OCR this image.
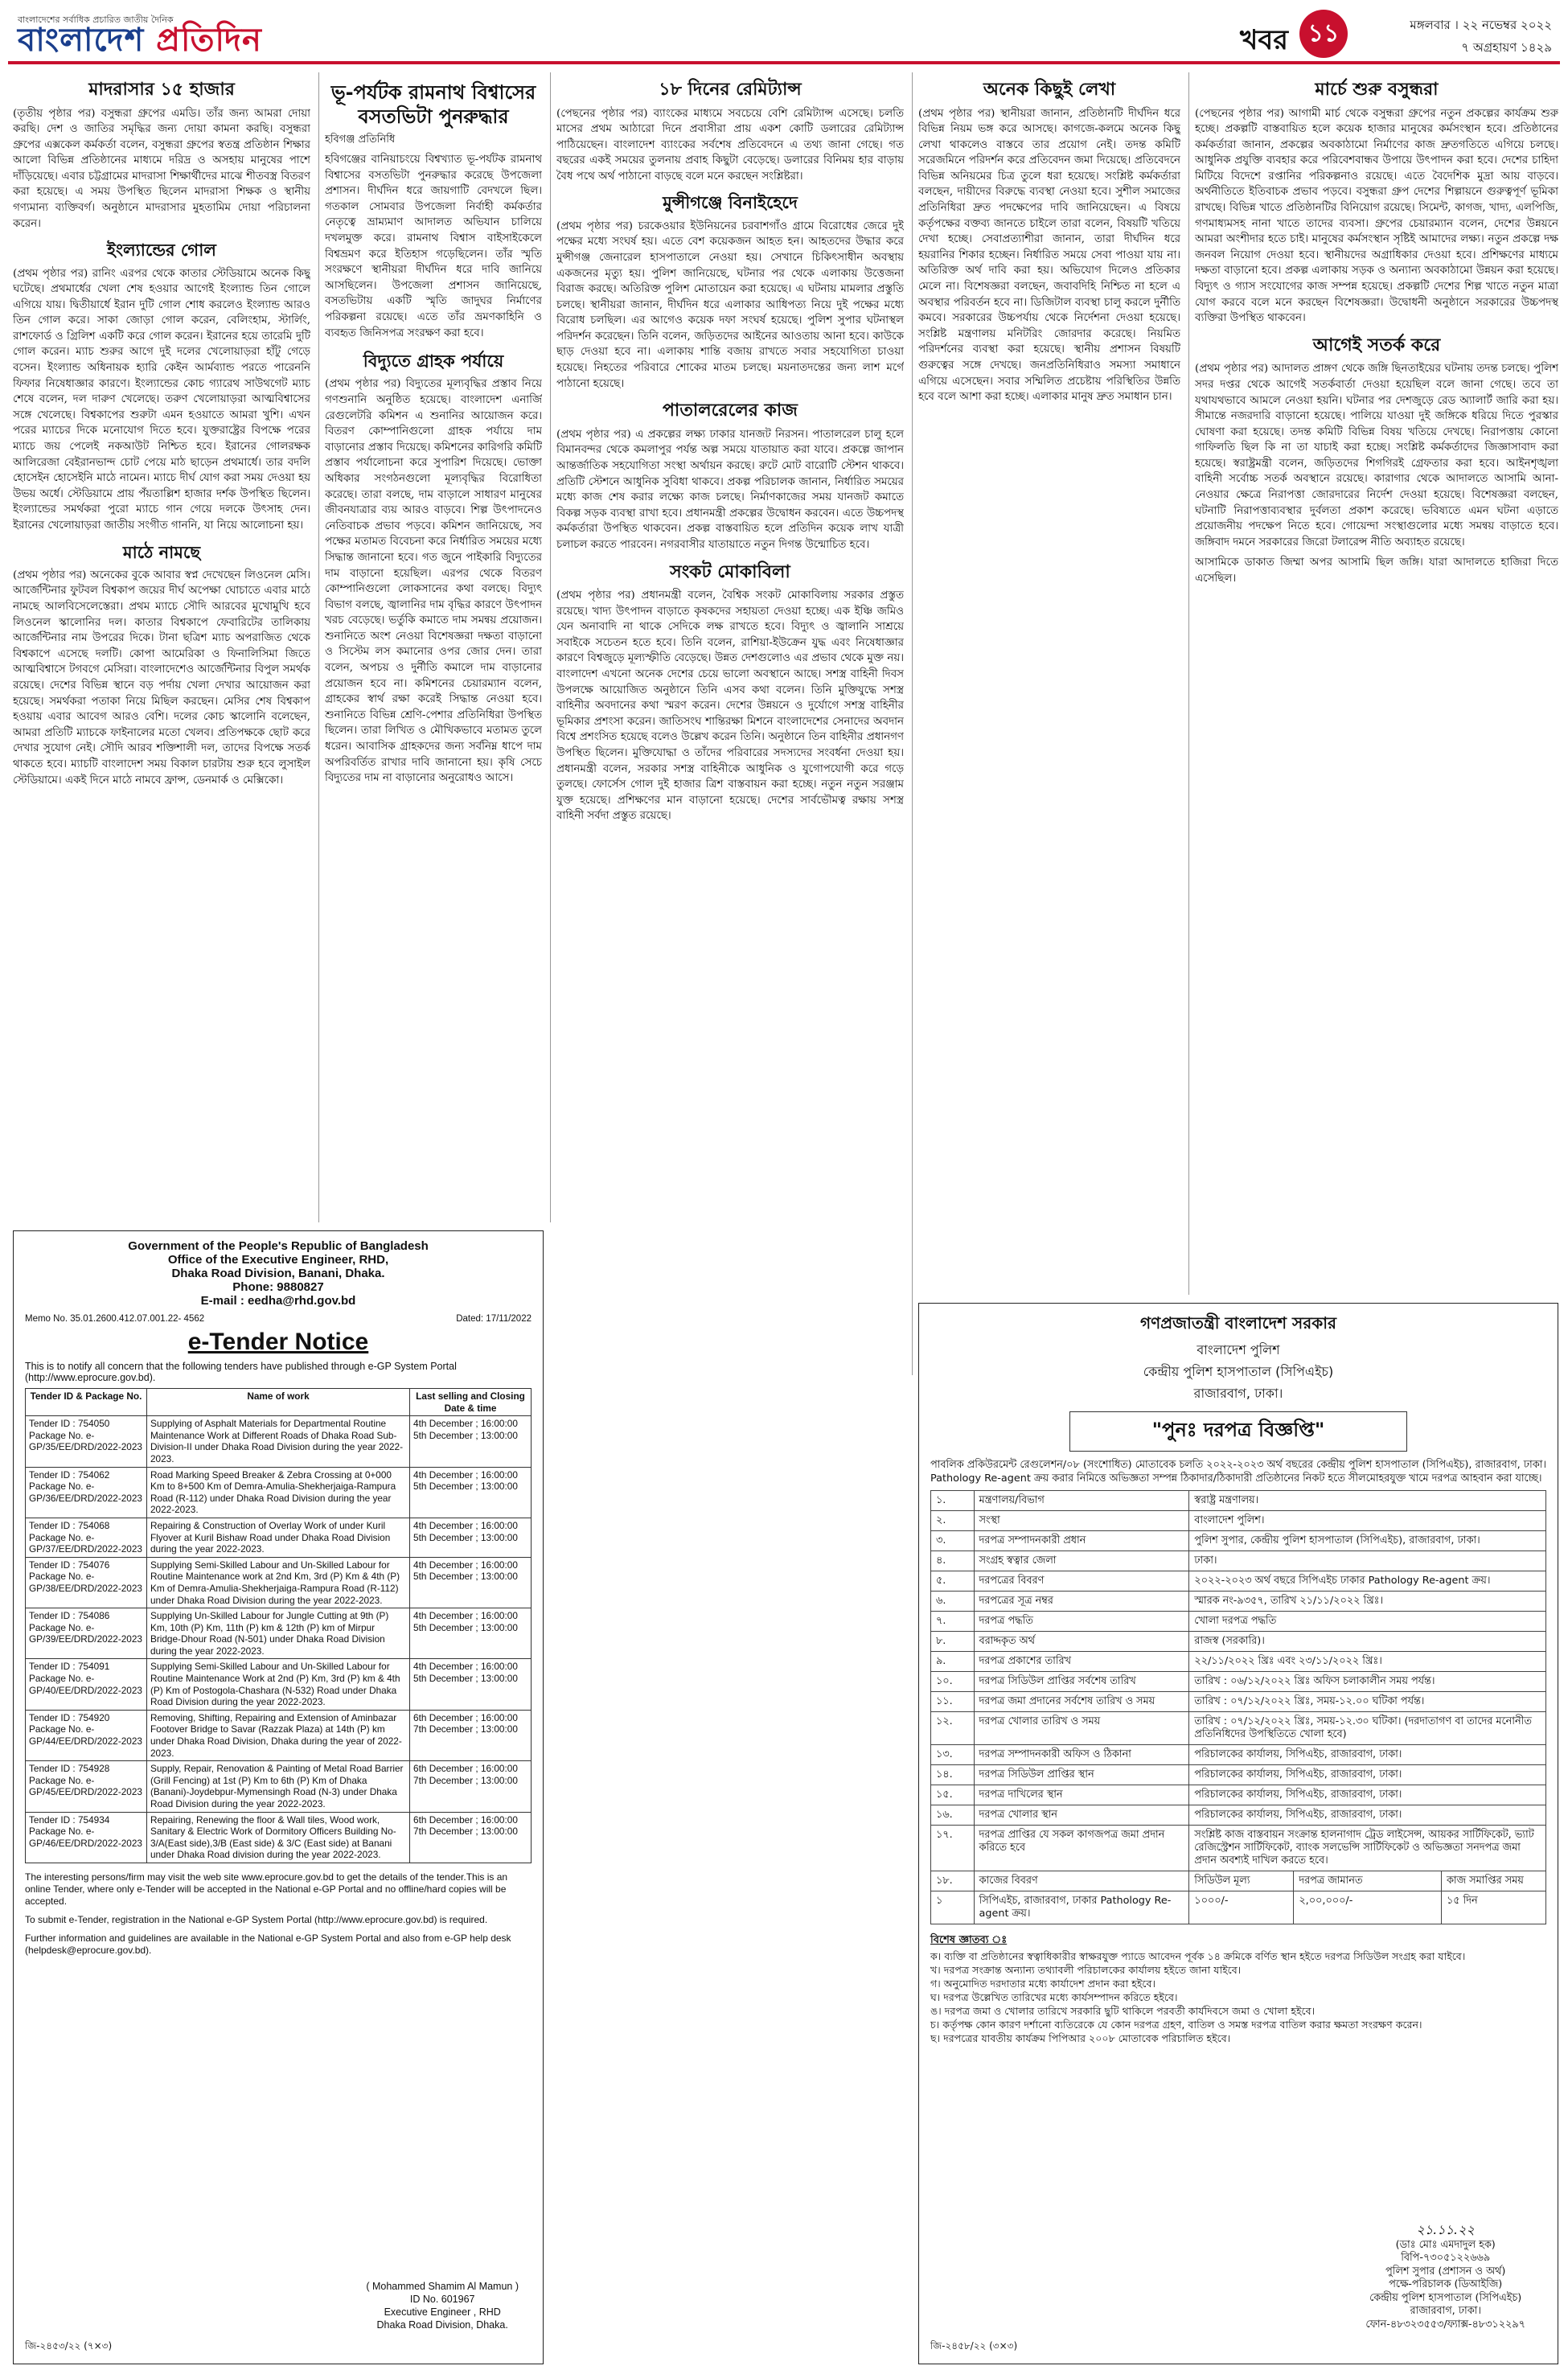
বাংলাদেশের সর্বাধিক প্রচারিত জাতীয় দৈনিক
বাংলাদেশ প্রতিদিন	খবর ১১	মঙ্গলবার । ২২ নভেম্বর ২০২২
৭ অগ্রহায়ণ ১৪২৯
মাদরাসার ১৫ হাজার
(তৃতীয় পৃষ্ঠার পর) বসুন্ধরা গ্রুপের এমডি। তাঁর জন্য আমরা দোয়া করছি। দেশ ও জাতির সমৃদ্ধির জন্য দোয়া কামনা করছি। বসুন্ধরা গ্রুপের এক্সকেল কর্মকর্তা বলেন, বসুন্ধরা গ্রুপের স্বতন্ত্র প্রতিষ্ঠান শিক্ষার আলো বিভিন্ন প্রতিষ্ঠানের মাধ্যমে দরিদ্র ও অসহায় মানুষের পাশে দাঁড়িয়েছে। এবার চট্টগ্রামের মাদরাসা শিক্ষার্থীদের মাঝে শীতবস্ত্র বিতরণ করা হয়েছে। এ সময় উপস্থিত ছিলেন মাদরাসা শিক্ষক ও স্থানীয় গণ্যমান্য ব্যক্তিবর্গ। অনুষ্ঠানে মাদরাসার মুহতামিম দোয়া পরিচালনা করেন।
ইংল্যান্ডের গোল
(প্রথম পৃষ্ঠার পর) রানিং এরপর থেকে কাতার স্টেডিয়ামে অনেক কিছু ঘটেছে। প্রথমার্ধের খেলা শেষ হওয়ার আগেই ইংল্যান্ড তিন গোলে এগিয়ে যায়। দ্বিতীয়ার্ধে ইরান দুটি গোল শোধ করলেও ইংল্যান্ড আরও তিন গোল করে। সাকা জোড়া গোল করেন, বেলিংহাম, স্টার্লিং, রাশফোর্ড ও গ্রিলিশ একটি করে গোল করেন। ইরানের হয়ে তারেমি দুটি গোল করেন। ম্যাচ শুরুর আগে দুই দলের খেলোয়াড়রা হাঁটু গেড়ে বসেন। ইংল্যান্ড অধিনায়ক হ্যারি কেইন আর্মব্যান্ড পরতে পারেননি ফিফার নিষেধাজ্ঞার কারণে। ইংল্যান্ডের কোচ গ্যারেথ সাউথগেট ম্যাচ শেষে বলেন, দল দারুণ খেলেছে। তরুণ খেলোয়াড়রা আত্মবিশ্বাসের সঙ্গে খেলেছে। বিশ্বকাপের শুরুটা এমন হওয়াতে আমরা খুশি। এখন পরের ম্যাচের দিকে মনোযোগ দিতে হবে। যুক্তরাষ্ট্রের বিপক্ষে পরের ম্যাচে জয় পেলেই নকআউট নিশ্চিত হবে। ইরানের গোলরক্ষক আলিরেজা বেইরানভান্দ চোট পেয়ে মাঠ ছাড়েন প্রথমার্ধে। তার বদলি হোসেইন হোসেইনি মাঠে নামেন। ম্যাচে দীর্ঘ যোগ করা সময় দেওয়া হয় উভয় অর্ধে। স্টেডিয়ামে প্রায় পঁয়তাল্লিশ হাজার দর্শক উপস্থিত ছিলেন। ইংল্যান্ডের সমর্থকরা পুরো ম্যাচে গান গেয়ে দলকে উৎসাহ দেন। ইরানের খেলোয়াড়রা জাতীয় সংগীত গাননি, যা নিয়ে আলোচনা হয়।
মাঠে নামছে
(প্রথম পৃষ্ঠার পর) অনেকের বুকে আবার স্বপ্ন দেখেছেন লিওনেল মেসি। আর্জেন্টিনার ফুটবল বিশ্বকাপ জয়ের দীর্ঘ অপেক্ষা ঘোচাতে এবার মাঠে নামছে আলবিসেলেস্তেরা। প্রথম ম্যাচে সৌদি আরবের মুখোমুখি হবে লিওনেল স্কালোনির দল। কাতার বিশ্বকাপে ফেবারিটের তালিকায় আর্জেন্টিনার নাম উপরের দিকে। টানা ছত্রিশ ম্যাচ অপরাজিত থেকে বিশ্বকাপে এসেছে দলটি। কোপা আমেরিকা ও ফিনালিসিমা জিতে আত্মবিশ্বাসে টগবগে মেসিরা। বাংলাদেশেও আর্জেন্টিনার বিপুল সমর্থক রয়েছে। দেশের বিভিন্ন স্থানে বড় পর্দায় খেলা দেখার আয়োজন করা হয়েছে। সমর্থকরা পতাকা নিয়ে মিছিল করছেন। মেসির শেষ বিশ্বকাপ হওয়ায় এবার আবেগ আরও বেশি। দলের কোচ স্কালোনি বলেছেন, আমরা প্রতিটি ম্যাচকে ফাইনালের মতো খেলব। প্রতিপক্ষকে ছোট করে দেখার সুযোগ নেই। সৌদি আরব শক্তিশালী দল, তাদের বিপক্ষে সতর্ক থাকতে হবে। ম্যাচটি বাংলাদেশ সময় বিকাল চারটায় শুরু হবে লুসাইল স্টেডিয়ামে। একই দিনে মাঠে নামবে ফ্রান্স, ডেনমার্ক ও মেক্সিকো।
ভূ-পর্যটক রামনাথ বিশ্বাসের বসতভিটা পুনরুদ্ধার
হবিগঞ্জ প্রতিনিধি
হবিগঞ্জের বানিয়াচংয়ে বিশ্বখ্যাত ভূ-পর্যটক রামনাথ বিশ্বাসের বসতভিটা পুনরুদ্ধার করেছে উপজেলা প্রশাসন। দীর্ঘদিন ধরে জায়গাটি বেদখলে ছিল। গতকাল সোমবার উপজেলা নির্বাহী কর্মকর্তার নেতৃত্বে ভ্রাম্যমাণ আদালত অভিযান চালিয়ে দখলমুক্ত করে। রামনাথ বিশ্বাস বাইসাইকেলে বিশ্বভ্রমণ করে ইতিহাস গড়েছিলেন। তাঁর স্মৃতি সংরক্ষণে স্থানীয়রা দীর্ঘদিন ধরে দাবি জানিয়ে আসছিলেন। উপজেলা প্রশাসন জানিয়েছে, বসতভিটায় একটি স্মৃতি জাদুঘর নির্মাণের পরিকল্পনা রয়েছে। এতে তাঁর ভ্রমণকাহিনি ও ব্যবহৃত জিনিসপত্র সংরক্ষণ করা হবে।
বিদ্যুতে গ্রাহক পর্যায়ে
(প্রথম পৃষ্ঠার পর) বিদ্যুতের মূল্যবৃদ্ধির প্রস্তাব নিয়ে গণশুনানি অনুষ্ঠিত হয়েছে। বাংলাদেশ এনার্জি রেগুলেটরি কমিশন এ শুনানির আয়োজন করে। বিতরণ কোম্পানিগুলো গ্রাহক পর্যায়ে দাম বাড়ানোর প্রস্তাব দিয়েছে। কমিশনের কারিগরি কমিটি প্রস্তাব পর্যালোচনা করে সুপারিশ দিয়েছে। ভোক্তা অধিকার সংগঠনগুলো মূল্যবৃদ্ধির বিরোধিতা করেছে। তারা বলছে, দাম বাড়ালে সাধারণ মানুষের জীবনযাত্রার ব্যয় আরও বাড়বে। শিল্প উৎপাদনেও নেতিবাচক প্রভাব পড়বে। কমিশন জানিয়েছে, সব পক্ষের মতামত বিবেচনা করে নির্ধারিত সময়ের মধ্যে সিদ্ধান্ত জানানো হবে। গত জুনে পাইকারি বিদ্যুতের দাম বাড়ানো হয়েছিল। এরপর থেকে বিতরণ কোম্পানিগুলো লোকসানের কথা বলছে। বিদ্যুৎ বিভাগ বলছে, জ্বালানির দাম বৃদ্ধির কারণে উৎপাদন খরচ বেড়েছে। ভর্তুকি কমাতে দাম সমন্বয় প্রয়োজন। শুনানিতে অংশ নেওয়া বিশেষজ্ঞরা দক্ষতা বাড়ানো ও সিস্টেম লস কমানোর ওপর জোর দেন। তারা বলেন, অপচয় ও দুর্নীতি কমালে দাম বাড়ানোর প্রয়োজন হবে না। কমিশনের চেয়ারম্যান বলেন, গ্রাহকের স্বার্থ রক্ষা করেই সিদ্ধান্ত নেওয়া হবে। শুনানিতে বিভিন্ন শ্রেণি-পেশার প্রতিনিধিরা উপস্থিত ছিলেন। তারা লিখিত ও মৌখিকভাবে মতামত তুলে ধরেন। আবাসিক গ্রাহকদের জন্য সর্বনিম্ন ধাপে দাম অপরিবর্তিত রাখার দাবি জানানো হয়। কৃষি সেচে বিদ্যুতের দাম না বাড়ানোর অনুরোধও আসে।
১৮ দিনের রেমিট্যান্স
(পেছনের পৃষ্ঠার পর) ব্যাংকের মাধ্যমে সবচেয়ে বেশি রেমিট্যান্স এসেছে। চলতি মাসের প্রথম আঠারো দিনে প্রবাসীরা প্রায় একশ কোটি ডলারের রেমিট্যান্স পাঠিয়েছেন। বাংলাদেশ ব্যাংকের সর্বশেষ প্রতিবেদনে এ তথ্য জানা গেছে। গত বছরের একই সময়ের তুলনায় প্রবাহ কিছুটা বেড়েছে। ডলারের বিনিময় হার বাড়ায় বৈধ পথে অর্থ পাঠানো বাড়ছে বলে মনে করছেন সংশ্লিষ্টরা।
মুন্সীগঞ্জে বিনাইহেদে
(প্রথম পৃষ্ঠার পর) চরকেওয়ার ইউনিয়নের চরবাশগাঁও গ্রামে বিরোধের জেরে দুই পক্ষের মধ্যে সংঘর্ষ হয়। এতে বেশ কয়েকজন আহত হন। আহতদের উদ্ধার করে মুন্সীগঞ্জ জেনারেল হাসপাতালে নেওয়া হয়। সেখানে চিকিৎসাধীন অবস্থায় একজনের মৃত্যু হয়। পুলিশ জানিয়েছে, ঘটনার পর থেকে এলাকায় উত্তেজনা বিরাজ করছে। অতিরিক্ত পুলিশ মোতায়েন করা হয়েছে। এ ঘটনায় মামলার প্রস্তুতি চলছে। স্থানীয়রা জানান, দীর্ঘদিন ধরে এলাকার আধিপত্য নিয়ে দুই পক্ষের মধ্যে বিরোধ চলছিল। এর আগেও কয়েক দফা সংঘর্ষ হয়েছে। পুলিশ সুপার ঘটনাস্থল পরিদর্শন করেছেন। তিনি বলেন, জড়িতদের আইনের আওতায় আনা হবে। কাউকে ছাড় দেওয়া হবে না। এলাকায় শান্তি বজায় রাখতে সবার সহযোগিতা চাওয়া হয়েছে। নিহতের পরিবারে শোকের মাতম চলছে। ময়নাতদন্তের জন্য লাশ মর্গে পাঠানো হয়েছে।
পাতালরেলের কাজ
(প্রথম পৃষ্ঠার পর) এ প্রকল্পের লক্ষ্য ঢাকার যানজট নিরসন। পাতালরেল চালু হলে বিমানবন্দর থেকে কমলাপুর পর্যন্ত অল্প সময়ে যাতায়াত করা যাবে। প্রকল্পে জাপান আন্তর্জাতিক সহযোগিতা সংস্থা অর্থায়ন করছে। রুটে মোট বারোটি স্টেশন থাকবে। প্রতিটি স্টেশনে আধুনিক সুবিধা থাকবে। প্রকল্প পরিচালক জানান, নির্ধারিত সময়ের মধ্যে কাজ শেষ করার লক্ষ্যে কাজ চলছে। নির্মাণকাজের সময় যানজট কমাতে বিকল্প সড়ক ব্যবস্থা রাখা হবে। প্রধানমন্ত্রী প্রকল্পের উদ্বোধন করবেন। এতে উচ্চপদস্থ কর্মকর্তারা উপস্থিত থাকবেন। প্রকল্প বাস্তবায়িত হলে প্রতিদিন কয়েক লাখ যাত্রী চলাচল করতে পারবেন। নগরবাসীর যাতায়াতে নতুন দিগন্ত উন্মোচিত হবে।
সংকট মোকাবিলা
(প্রথম পৃষ্ঠার পর) প্রধানমন্ত্রী বলেন, বৈশ্বিক সংকট মোকাবিলায় সরকার প্রস্তুত রয়েছে। খাদ্য উৎপাদন বাড়াতে কৃষকদের সহায়তা দেওয়া হচ্ছে। এক ইঞ্চি জমিও যেন অনাবাদি না থাকে সেদিকে লক্ষ রাখতে হবে। বিদ্যুৎ ও জ্বালানি সাশ্রয়ে সবাইকে সচেতন হতে হবে। তিনি বলেন, রাশিয়া-ইউক্রেন যুদ্ধ এবং নিষেধাজ্ঞার কারণে বিশ্বজুড়ে মূল্যস্ফীতি বেড়েছে। উন্নত দেশগুলোও এর প্রভাব থেকে মুক্ত নয়। বাংলাদেশ এখনো অনেক দেশের চেয়ে ভালো অবস্থানে আছে। সশস্ত্র বাহিনী দিবস উপলক্ষে আয়োজিত অনুষ্ঠানে তিনি এসব কথা বলেন। তিনি মুক্তিযুদ্ধে সশস্ত্র বাহিনীর অবদানের কথা স্মরণ করেন। দেশের উন্নয়নে ও দুর্যোগে সশস্ত্র বাহিনীর ভূমিকার প্রশংসা করেন। জাতিসংঘ শান্তিরক্ষা মিশনে বাংলাদেশের সেনাদের অবদান বিশ্বে প্রশংসিত হয়েছে বলেও উল্লেখ করেন তিনি। অনুষ্ঠানে তিন বাহিনীর প্রধানগণ উপস্থিত ছিলেন। মুক্তিযোদ্ধা ও তাঁদের পরিবারের সদস্যদের সংবর্ধনা দেওয়া হয়। প্রধানমন্ত্রী বলেন, সরকার সশস্ত্র বাহিনীকে আধুনিক ও যুগোপযোগী করে গড়ে তুলছে। ফোর্সেস গোল দুই হাজার ত্রিশ বাস্তবায়ন করা হচ্ছে। নতুন নতুন সরঞ্জাম যুক্ত হয়েছে। প্রশিক্ষণের মান বাড়ানো হয়েছে। দেশের সার্বভৌমত্ব রক্ষায় সশস্ত্র বাহিনী সর্বদা প্রস্তুত রয়েছে।
অনেক কিছুই লেখা
(প্রথম পৃষ্ঠার পর) স্থানীয়রা জানান, প্রতিষ্ঠানটি দীর্ঘদিন ধরে বিভিন্ন নিয়ম ভঙ্গ করে আসছে। কাগজে-কলমে অনেক কিছু লেখা থাকলেও বাস্তবে তার প্রয়োগ নেই। তদন্ত কমিটি সরেজমিনে পরিদর্শন করে প্রতিবেদন জমা দিয়েছে। প্রতিবেদনে বিভিন্ন অনিয়মের চিত্র তুলে ধরা হয়েছে। সংশ্লিষ্ট কর্মকর্তারা বলছেন, দায়ীদের বিরুদ্ধে ব্যবস্থা নেওয়া হবে। সুশীল সমাজের প্রতিনিধিরা দ্রুত পদক্ষেপের দাবি জানিয়েছেন। এ বিষয়ে কর্তৃপক্ষের বক্তব্য জানতে চাইলে তারা বলেন, বিষয়টি খতিয়ে দেখা হচ্ছে। সেবাপ্রত্যাশীরা জানান, তারা দীর্ঘদিন ধরে হয়রানির শিকার হচ্ছেন। নির্ধারিত সময়ে সেবা পাওয়া যায় না। অতিরিক্ত অর্থ দাবি করা হয়। অভিযোগ দিলেও প্রতিকার মেলে না। বিশেষজ্ঞরা বলছেন, জবাবদিহি নিশ্চিত না হলে এ অবস্থার পরিবর্তন হবে না। ডিজিটাল ব্যবস্থা চালু করলে দুর্নীতি কমবে। সরকারের উচ্চপর্যায় থেকে নির্দেশনা দেওয়া হয়েছে। সংশ্লিষ্ট মন্ত্রণালয় মনিটরিং জোরদার করেছে। নিয়মিত পরিদর্শনের ব্যবস্থা করা হয়েছে। স্থানীয় প্রশাসন বিষয়টি গুরুত্বের সঙ্গে দেখছে। জনপ্রতিনিধিরাও সমস্যা সমাধানে এগিয়ে এসেছেন। সবার সম্মিলিত প্রচেষ্টায় পরিস্থিতির উন্নতি হবে বলে আশা করা হচ্ছে। এলাকার মানুষ দ্রুত সমাধান চান।
মার্চে শুরু বসুন্ধরা
(পেছনের পৃষ্ঠার পর) আগামী মার্চ থেকে বসুন্ধরা গ্রুপের নতুন প্রকল্পের কার্যক্রম শুরু হচ্ছে। প্রকল্পটি বাস্তবায়িত হলে কয়েক হাজার মানুষের কর্মসংস্থান হবে। প্রতিষ্ঠানের কর্মকর্তারা জানান, প্রকল্পের অবকাঠামো নির্মাণের কাজ দ্রুতগতিতে এগিয়ে চলছে। আধুনিক প্রযুক্তি ব্যবহার করে পরিবেশবান্ধব উপায়ে উৎপাদন করা হবে। দেশের চাহিদা মিটিয়ে বিদেশে রপ্তানির পরিকল্পনাও রয়েছে। এতে বৈদেশিক মুদ্রা আয় বাড়বে। অর্থনীতিতে ইতিবাচক প্রভাব পড়বে। বসুন্ধরা গ্রুপ দেশের শিল্পায়নে গুরুত্বপূর্ণ ভূমিকা রাখছে। বিভিন্ন খাতে প্রতিষ্ঠানটির বিনিয়োগ রয়েছে। সিমেন্ট, কাগজ, খাদ্য, এলপিজি, গণমাধ্যমসহ নানা খাতে তাদের ব্যবসা। গ্রুপের চেয়ারম্যান বলেন, দেশের উন্নয়নে আমরা অংশীদার হতে চাই। মানুষের কর্মসংস্থান সৃষ্টিই আমাদের লক্ষ্য। নতুন প্রকল্পে দক্ষ জনবল নিয়োগ দেওয়া হবে। স্থানীয়দের অগ্রাধিকার দেওয়া হবে। প্রশিক্ষণের মাধ্যমে দক্ষতা বাড়ানো হবে। প্রকল্প এলাকায় সড়ক ও অন্যান্য অবকাঠামো উন্নয়ন করা হয়েছে। বিদ্যুৎ ও গ্যাস সংযোগের কাজ সম্পন্ন হয়েছে। প্রকল্পটি দেশের শিল্প খাতে নতুন মাত্রা যোগ করবে বলে মনে করছেন বিশেষজ্ঞরা। উদ্বোধনী অনুষ্ঠানে সরকারের উচ্চপদস্থ ব্যক্তিরা উপস্থিত থাকবেন।
আগেই সতর্ক করে
(প্রথম পৃষ্ঠার পর) আদালত প্রাঙ্গণ থেকে জঙ্গি ছিনতাইয়ের ঘটনায় তদন্ত চলছে। পুলিশ সদর দপ্তর থেকে আগেই সতর্কবার্তা দেওয়া হয়েছিল বলে জানা গেছে। তবে তা যথাযথভাবে আমলে নেওয়া হয়নি। ঘটনার পর দেশজুড়ে রেড অ্যালার্ট জারি করা হয়। সীমান্তে নজরদারি বাড়ানো হয়েছে। পালিয়ে যাওয়া দুই জঙ্গিকে ধরিয়ে দিতে পুরস্কার ঘোষণা করা হয়েছে। তদন্ত কমিটি বিভিন্ন বিষয় খতিয়ে দেখছে। নিরাপত্তায় কোনো গাফিলতি ছিল কি না তা যাচাই করা হচ্ছে। সংশ্লিষ্ট কর্মকর্তাদের জিজ্ঞাসাবাদ করা হয়েছে। স্বরাষ্ট্রমন্ত্রী বলেন, জড়িতদের শিগগিরই গ্রেফতার করা হবে। আইনশৃঙ্খলা বাহিনী সর্বোচ্চ সতর্ক অবস্থানে রয়েছে। কারাগার থেকে আদালতে আসামি আনা-নেওয়ার ক্ষেত্রে নিরাপত্তা জোরদারের নির্দেশ দেওয়া হয়েছে। বিশেষজ্ঞরা বলছেন, ঘটনাটি নিরাপত্তাব্যবস্থার দুর্বলতা প্রকাশ করেছে। ভবিষ্যতে এমন ঘটনা এড়াতে প্রয়োজনীয় পদক্ষেপ নিতে হবে। গোয়েন্দা সংস্থাগুলোর মধ্যে সমন্বয় বাড়াতে হবে। জঙ্গিবাদ দমনে সরকারের জিরো টলারেন্স নীতি অব্যাহত রয়েছে।
আসামিকে ডাকাত জিম্মা অপর আসামি ছিল জঙ্গি। যারা আদালতে হাজিরা দিতে এসেছিল।
Government of the People's Republic of Bangladesh
Office of the Executive Engineer, RHD,
Dhaka Road Division, Banani, Dhaka.
Phone: 9880827
E-mail : eedha@rhd.gov.bd
Memo No. 35.01.2600.412.07.001.22- 4562	Dated: 17/11/2022
e-Tender Notice
This is to notify all concern that the following tenders have published through e-GP System Portal (http://www.eprocure.gov.bd).
Tender ID & Package No.	Name of work	Last selling and Closing Date & time
Tender ID : 754050 Package No. e-GP/35/EE/DRD/2022-2023	Supplying of Asphalt Materials for Departmental Routine Maintenance Work at Different Roads of Dhaka Road Sub-Division-II under Dhaka Road Division during the year 2022-2023.	4th December ; 16:00:00 5th December ; 13:00:00
Tender ID : 754062 Package No. e-GP/36/EE/DRD/2022-2023	Road Marking Speed Breaker & Zebra Crossing at 0+000 Km to 8+500 Km of Demra-Amulia-Shekherjaiga-Rampura Road (R-112) under Dhaka Road Division during the year 2022-2023.	4th December ; 16:00:00 5th December ; 13:00:00
Tender ID : 754068 Package No. e-GP/37/EE/DRD/2022-2023	Repairing & Construction of Overlay Work of under Kuril Flyover at Kuril Bishaw Road under Dhaka Road Division during the year 2022-2023.	4th December ; 16:00:00 5th December ; 13:00:00
Tender ID : 754076 Package No. e-GP/38/EE/DRD/2022-2023	Supplying Semi-Skilled Labour and Un-Skilled Labour for Routine Maintenance work at 2nd Km, 3rd (P) Km & 4th (P) Km of Demra-Amulia-Shekherjaiga-Rampura Road (R-112) under Dhaka Road Division during the year 2022-2023.	4th December ; 16:00:00 5th December ; 13:00:00
Tender ID : 754086 Package No. e-GP/39/EE/DRD/2022-2023	Supplying Un-Skilled Labour for Jungle Cutting at 9th (P) Km, 10th (P) Km, 11th (P) km & 12th (P) km of Mirpur Bridge-Dhour Road (N-501) under Dhaka Road Division during the year 2022-2023.	4th December ; 16:00:00 5th December ; 13:00:00
Tender ID : 754091 Package No. e-GP/40/EE/DRD/2022-2023	Supplying Semi-Skilled Labour and Un-Skilled Labour for Routine Maintenance Work at 2nd (P) Km, 3rd (P) km & 4th (P) Km of Postogola-Chashara (N-532) Road under Dhaka Road Division during the year 2022-2023.	4th December ; 16:00:00 5th December ; 13:00:00
Tender ID : 754920 Package No. e-GP/44/EE/DRD/2022-2023	Removing, Shifting, Repairing and Extension of Aminbazar Footover Bridge to Savar (Razzak Plaza) at 14th (P) km under Dhaka Road Division, Dhaka during the year of 2022-2023.	6th December ; 16:00:00 7th December ; 13:00:00
Tender ID : 754928 Package No. e-GP/45/EE/DRD/2022-2023	Supply, Repair, Renovation & Painting of Metal Road Barrier (Grill Fencing) at 1st (P) Km to 6th (P) Km of Dhaka (Banani)-Joydebpur-Mymensingh Road (N-3) under Dhaka Road Division during the year 2022-2023.	6th December ; 16:00:00 7th December ; 13:00:00
Tender ID : 754934 Package No. e-GP/46/EE/DRD/2022-2023	Repairing, Renewing the floor & Wall tiles, Wood work, Sanitary & Electric Work of Dormitory Officers Building No-3/A(East side),3/B (East side) & 3/C (East side) at Banani under Dhaka Road division during the year 2022-2023.	6th December ; 16:00:00 7th December ; 13:00:00
The interesting persons/firm may visit the web site www.eprocure.gov.bd to get the details of the tender.This is an online Tender, where only e-Tender will be accepted in the National e-GP Portal and no offline/hard copies will be accepted.
To submit e-Tender, registration in the National e-GP System Portal (http://www.eprocure.gov.bd) is required.
Further information and guidelines are available in the National e-GP System Portal and also from e-GP help desk (helpdesk@eprocure.gov.bd).
( Mohammed Shamim Al Mamun )
ID No. 601967
Executive Engineer , RHD
Dhaka Road Division, Dhaka.
জি-২৪৫৩/২২ (৭×৩)
গণপ্রজাতন্ত্রী বাংলাদেশ সরকার
বাংলাদেশ পুলিশ
কেন্দ্রীয় পুলিশ হাসপাতাল (সিপিএইচ)
রাজারবাগ, ঢাকা।
"পুনঃ দরপত্র বিজ্ঞপ্তি"
পাবলিক প্রকিউরমেন্ট রেগুলেশন/০৮ (সংশোধিত) মোতাবেক চলতি ২০২২-২০২৩ অর্থ বছরের কেন্দ্রীয় পুলিশ হাসপাতাল (সিপিএইচ), রাজারবাগ, ঢাকা। Pathology Re-agent ক্রয় করার নিমিত্তে অভিজ্ঞতা সম্পন্ন ঠিকাদার/ঠিকাদারী প্রতিষ্ঠানের নিকট হতে সীলমোহরযুক্ত খামে দরপত্র আহবান করা যাচ্ছে।
১.	মন্ত্রণালয়/বিভাগ	স্বরাষ্ট্র মন্ত্রণালয়।
২.	সংস্থা	বাংলাদেশ পুলিশ।
৩.	দরপত্র সম্পাদনকারী প্রধান	পুলিশ সুপার, কেন্দ্রীয় পুলিশ হাসপাতাল (সিপিএইচ), রাজারবাগ, ঢাকা।
৪.	সংগ্রহ স্বত্বার জেলা	ঢাকা।
৫.	দরপত্রের বিবরণ	২০২২-২০২৩ অর্থ বছরে সিপিএইচ ঢাকার Pathology Re-agent ক্রয়।
৬.	দরপত্রের সূত্র নম্বর	স্মারক নং-৯৩৫৭, তারিখ ২১/১১/২০২২ খ্রিঃ।
৭.	দরপত্র পদ্ধতি	খোলা দরপত্র পদ্ধতি
৮.	বরাদ্দকৃত অর্থ	রাজস্ব (সরকারি)।
৯.	দরপত্র প্রকাশের তারিখ	২২/১১/২০২২ খ্রিঃ এবং ২৩/১১/২০২২ খ্রিঃ।
১০.	দরপত্র সিডিউল প্রাপ্তির সর্বশেষ তারিখ	তারিখ : ০৬/১২/২০২২ খ্রিঃ অফিস চলাকালীন সময় পর্যন্ত।
১১.	দরপত্র জমা প্রদানের সর্বশেষ তারিখ ও সময়	তারিখ : ০৭/১২/২০২২ খ্রিঃ, সময়-১২.০০ ঘটিকা পর্যন্ত।
১২.	দরপত্র খোলার তারিখ ও সময়	তারিখ : ০৭/১২/২০২২ খ্রিঃ, সময়-১২.৩০ ঘটিকা। (দরদাতাগণ বা তাদের মনোনীত প্রতিনিধিদের উপস্থিতিতে খোলা হবে)
১৩.	দরপত্র সম্পাদনকারী অফিস ও ঠিকানা	পরিচালকের কার্যালয়, সিপিএইচ, রাজারবাগ, ঢাকা।
১৪.	দরপত্র সিডিউল প্রাপ্তির স্থান	পরিচালকের কার্যালয়, সিপিএইচ, রাজারবাগ, ঢাকা।
১৫.	দরপত্র দাখিলের স্থান	পরিচালকের কার্যালয়, সিপিএইচ, রাজারবাগ, ঢাকা।
১৬.	দরপত্র খোলার স্থান	পরিচালকের কার্যালয়, সিপিএইচ, রাজারবাগ, ঢাকা।
১৭.	দরপত্র প্রাপ্তির যে সকল কাগজপত্র জমা প্রদান করিতে হবে	সংশ্লিষ্ট কাজ বাস্তবায়ন সংক্রান্ত হালনাগাদ ট্রেড লাইসেন্স, আয়কর সার্টিফিকেট, ভ্যাট রেজিস্ট্রেশন সার্টিফিকেট, ব্যাংক সলভেন্সি সার্টিফিকেট ও অভিজ্ঞতা সনদপত্র জমা প্রদান অবশ্যই দাখিল করতে হবে।
১৮.	কাজের বিবরণ	সিডিউল মূল্য	দরপত্র জামানত	কাজ সমাপ্তির সময়
১	সিপিএইচ, রাজারবাগ, ঢাকার Pathology Re-agent ক্রয়।	১০০০/-	২,০০,০০০/-	১৫ দিন
বিশেষ জ্ঞাতব্য ঃ
ক। ব্যক্তি বা প্রতিষ্ঠানের স্বত্বাধিকারীর স্বাক্ষরযুক্ত প্যাডে আবেদন পূর্বক ১৪ ক্রমিকে বর্ণিত স্থান হইতে দরপত্র সিডিউল সংগ্রহ করা যাইবে।
খ। দরপত্র সংক্রান্ত অন্যান্য তথ্যাবলী পরিচালকের কার্যালয় হইতে জানা যাইবে।
গ। অনুমোদিত দরদাতার মধ্যে কার্যাদেশ প্রদান করা হইবে।
ঘ। দরপত্র উল্লেখিত তারিখের মধ্যে কার্যসম্পাদন করিতে হইবে।
ঙ। দরপত্র জমা ও খোলার তারিখে সরকারি ছুটি থাকিলে পরবর্তী কার্যদিবসে জমা ও খোলা হইবে।
চ। কর্তৃপক্ষ কোন কারণ দর্শানো ব্যতিরেকে যে কোন দরপত্র গ্রহণ, বাতিল ও সমস্ত দরপত্র বাতিল করার ক্ষমতা সংরক্ষণ করেন।
ছ। দরপত্রের যাবতীয় কার্যক্রম পিপিআর ২০০৮ মোতাবেক পরিচালিত হইবে।
২১.১১.২২
(ডাঃ মোঃ এমদাদুল হক)
বিপি-৭৩০৫১২২৬৬৯
পুলিশ সুপার (প্রশাসন ও অর্থ)
পক্ষে-পরিচালক (ডিআইজি)
কেন্দ্রীয় পুলিশ হাসপাতাল (সিপিএইচ)
রাজারবাগ, ঢাকা।
ফোন-৪৮৩২৩৫৫৩/ফ্যাক্স-৪৮৩১২২৯৭
জি-২৪৫৮/২২ (৩×৩)
